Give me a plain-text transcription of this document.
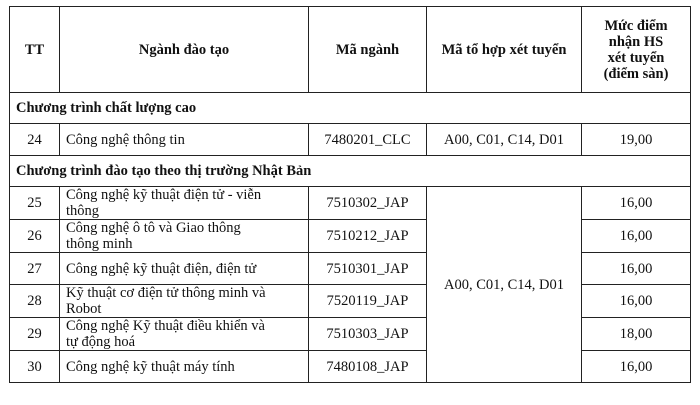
TT	Ngành đào tạo	Mã ngành	Mã tổ hợp xét tuyển	Mức điểm
nhận HS
xét tuyển
(điểm sàn)

Chương trình chất lượng cao				
24	Công nghệ thông tin	7480201_CLC	A00, C01, C14, D01	19,00
Chương trình đào tạo theo thị trường Nhật Bản				
25	Công nghệ kỹ thuật điện tử - viễn
thông	7510302_JAP	A00, C01, C14, D01	16,00
26	Công nghệ ô tô và Giao thông
thông minh	7510212_JAP		16,00
27	Công nghệ kỹ thuật điện, điện tử	7510301_JAP		16,00
28	Kỹ thuật cơ điện tử thông minh và
Robot	7520119_JAP		16,00
29	Công nghệ Kỹ thuật điều khiển và
tự động hoá	7510303_JAP		18,00
30	Công nghệ kỹ thuật máy tính	7480108_JAP		16,00
